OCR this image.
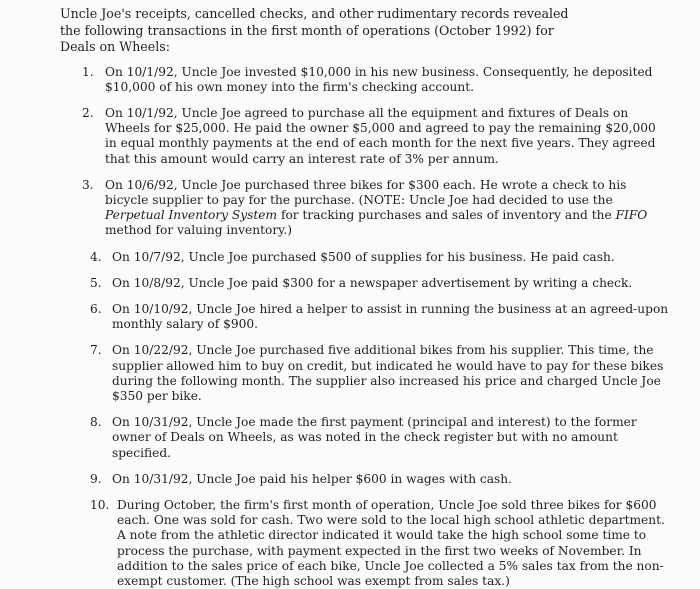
Uncle Joe's receipts, cancelled checks, and other rudimentary records revealed the following transactions in the first month of operations (October 1992) for Deals on Wheels:

1. On 10/1/92, Uncle Joe invested $10,000 in his new business. Consequently, he deposited $10,000 of his own money into the firm's checking account.
2. On 10/1/92, Uncle Joe agreed to purchase all the equipment and fixtures of Deals on Wheels for $25,000. He paid the owner $5,000 and agreed to pay the remaining $20,000 in equal monthly payments at the end of each month for the next five years. They agreed that this amount would carry an interest rate of 3% per annum.
3. On 10/6/92, Uncle Joe purchased three bikes for $300 each. He wrote a check to his bicycle supplier to pay for the purchase. (NOTE: Uncle Joe had decided to use the Perpetual Inventory System for tracking purchases and sales of inventory and the FIFO method for valuing inventory.)
4. On 10/7/92, Uncle Joe purchased $500 of supplies for his business. He paid cash.
5. On 10/8/92, Uncle Joe paid $300 for a newspaper advertisement by writing a check.
6. On 10/10/92, Uncle Joe hired a helper to assist in running the business at an agreed-upon monthly salary of $900.
7. On 10/22/92, Uncle Joe purchased five additional bikes from his supplier. This time, the supplier allowed him to buy on credit, but indicated he would have to pay for these bikes during the following month. The supplier also increased his price and charged Uncle Joe $350 per bike.
8. On 10/31/92, Uncle Joe made the first payment (principal and interest) to the former owner of Deals on Wheels, as was noted in the check register but with no amount specified.
9. On 10/31/92, Uncle Joe paid his helper $600 in wages with cash.
10. During October, the firm's first month of operation, Uncle Joe sold three bikes for $600 each. One was sold for cash. Two were sold to the local high school athletic department. A note from the athletic director indicated it would take the high school some time to process the purchase, with payment expected in the first two weeks of November. In addition to the sales price of each bike, Uncle Joe collected a 5% sales tax from the non-exempt customer. (The high school was exempt from sales tax.)
